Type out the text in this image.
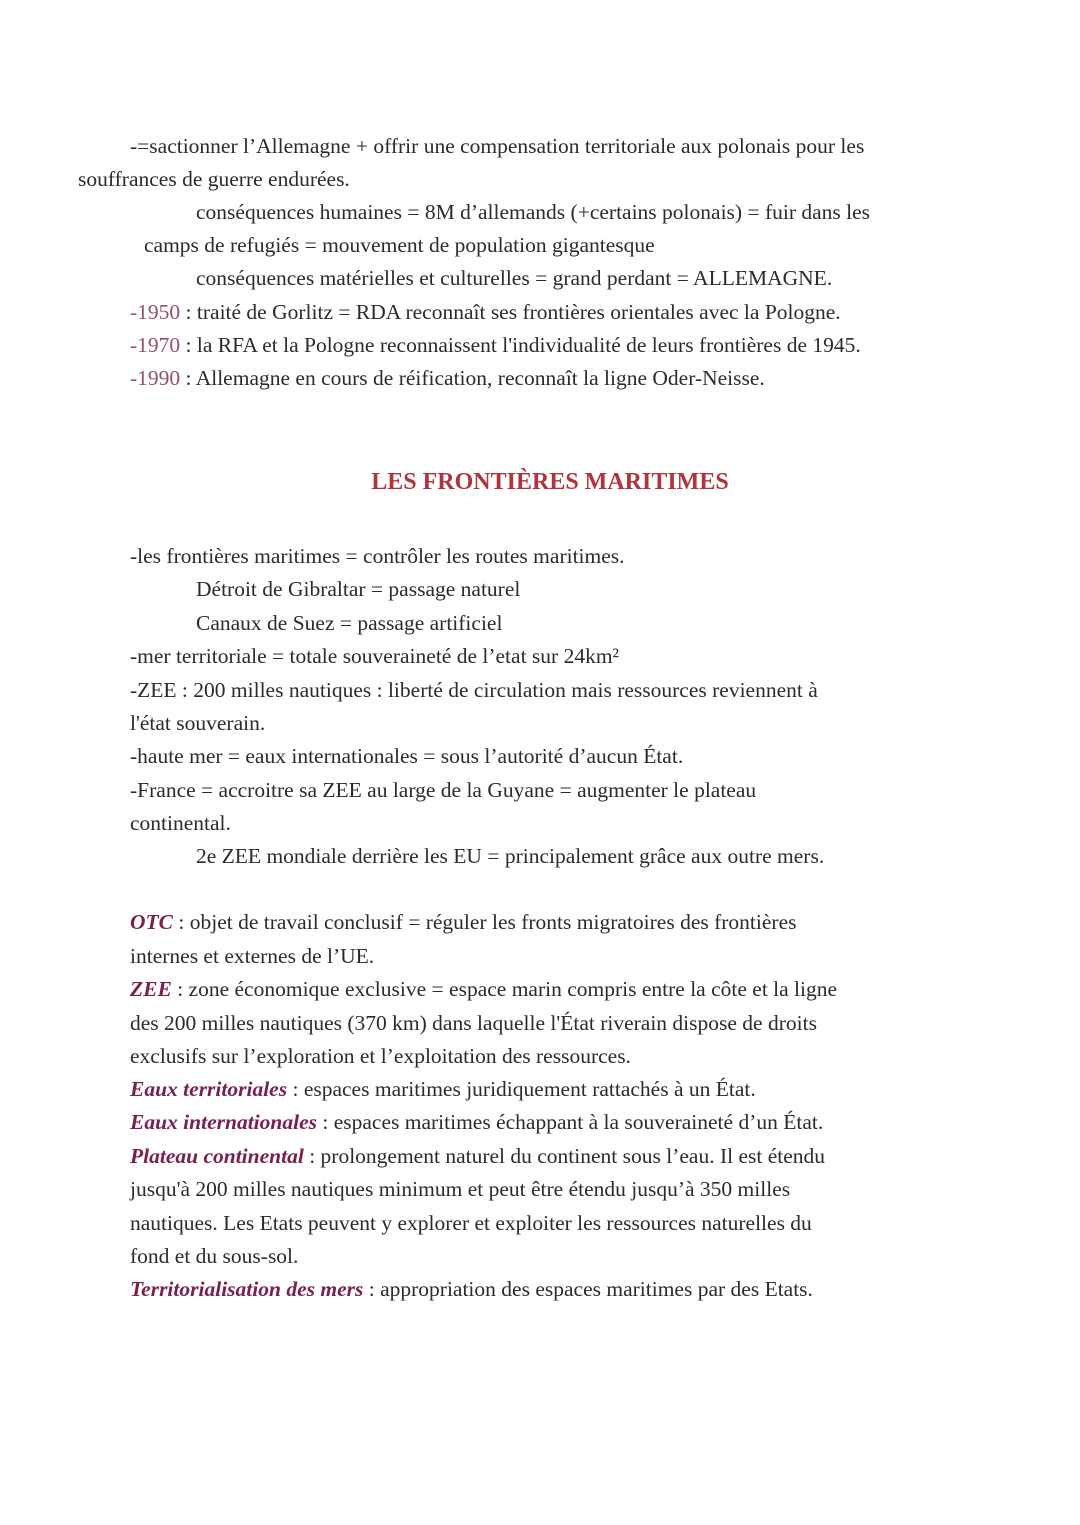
-=sactionner l’Allemagne + offrir une compensation territoriale aux polonais pour les
souffrances de guerre endurées.
conséquences humaines = 8M d’allemands (+certains polonais) = fuir dans les
camps de refugiés = mouvement de population gigantesque
conséquences matérielles et culturelles = grand perdant = ALLEMAGNE.
-1950 : traité de Gorlitz = RDA reconnaît ses frontières orientales avec la Pologne.
-1970 : la RFA et la Pologne reconnaissent l'individualité de leurs frontières de 1945.
-1990 : Allemagne en cours de réification, reconnaît la ligne Oder-Neisse.
LES FRONTIÈRES MARITIMES
-les frontières maritimes = contrôler les routes maritimes.
Détroit de Gibraltar = passage naturel
Canaux de Suez = passage artificiel
-mer territoriale = totale souveraineté de l’etat sur 24km²
-ZEE : 200 milles nautiques : liberté de circulation mais ressources reviennent à
l'état souverain.
-haute mer = eaux internationales = sous l’autorité d’aucun État.
-France = accroitre sa ZEE au large de la Guyane = augmenter le plateau
continental.
2e ZEE mondiale derrière les EU = principalement grâce aux outre mers.
OTC : objet de travail conclusif = réguler les fronts migratoires des frontières
internes et externes de l’UE.
ZEE : zone économique exclusive = espace marin compris entre la côte et la ligne
des 200 milles nautiques (370 km) dans laquelle l'État riverain dispose de droits
exclusifs sur l’exploration et l’exploitation des ressources.
Eaux territoriales : espaces maritimes juridiquement rattachés à un État.
Eaux internationales : espaces maritimes échappant à la souveraineté d’un État.
Plateau continental : prolongement naturel du continent sous l’eau. Il est étendu
jusqu'à 200 milles nautiques minimum et peut être étendu jusqu’à 350 milles
nautiques. Les Etats peuvent y explorer et exploiter les ressources naturelles du
fond et du sous-sol.
Territorialisation des mers : appropriation des espaces maritimes par des Etats.
